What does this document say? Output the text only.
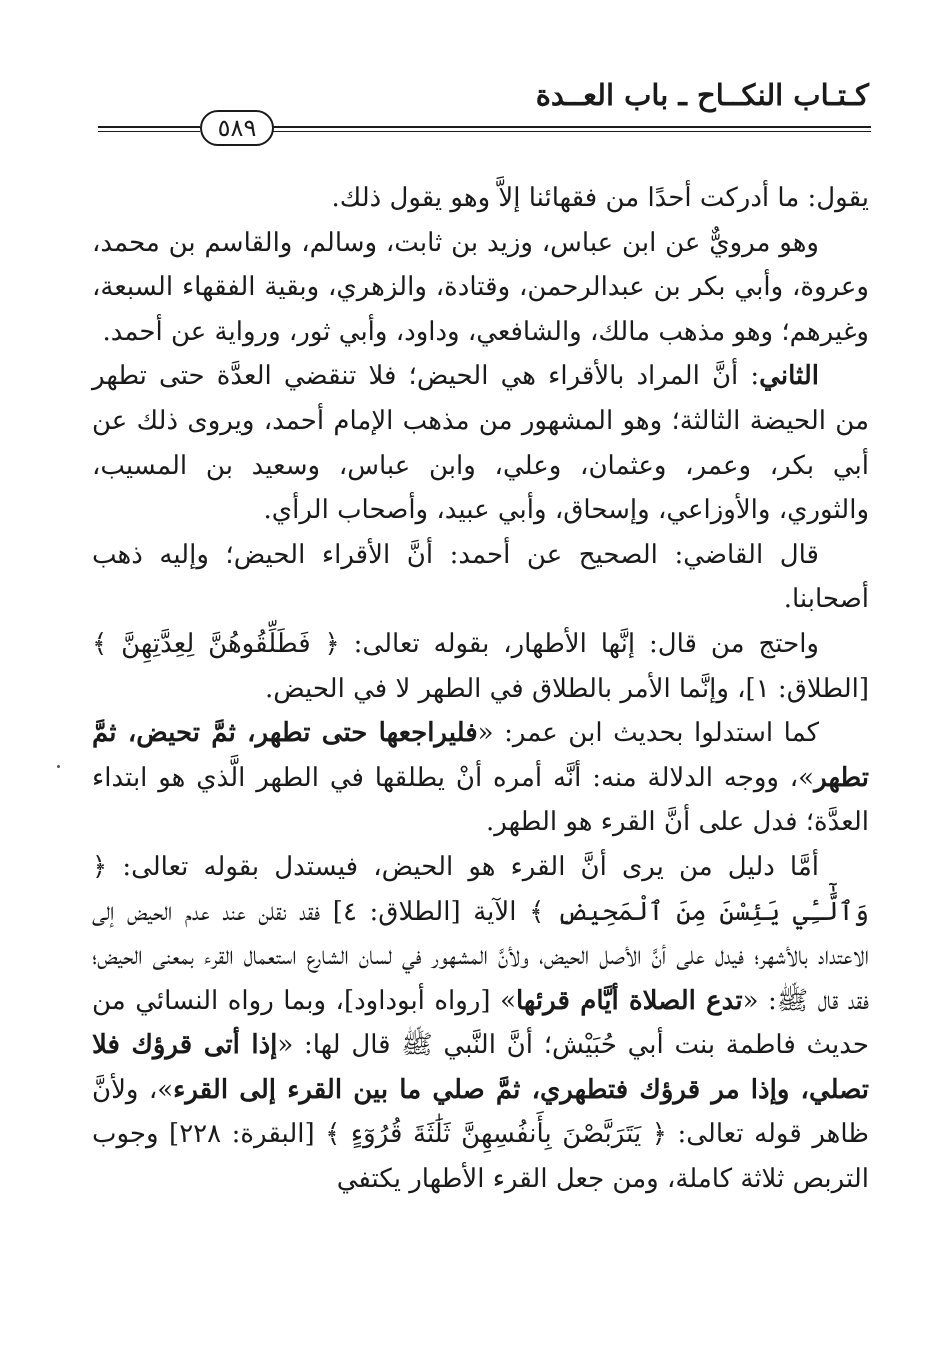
كـتـاب النكــاح ـ باب العــدة
٥٨٩

يقول: ما أدركت أحدًا من فقهائنا إلاَّ وهو يقول ذلك.

وهو مرويٌّ عن ابن عباس، وزيد بن ثابت، وسالم، والقاسم بن محمد، وعروة، وأبي بكر بن عبدالرحمن، وقتادة، والزهري، وبقية الفقهاء السبعة، وغيرهم؛ وهو مذهب مالك، والشافعي، وداود، وأبي ثور، ورواية عن أحمد.

الثاني: أنَّ المراد بالأقراء هي الحيض؛ فلا تنقضي العدَّة حتى تطهر من الحيضة الثالثة؛ وهو المشهور من مذهب الإمام أحمد، ويروى ذلك عن أبي بكر، وعمر، وعثمان، وعلي، وابن عباس، وسعيد بن المسيب، والثوري، والأوزاعي، وإسحاق، وأبي عبيد، وأصحاب الرأي.

قال القاضي: الصحيح عن أحمد: أنَّ الأقراء الحيض؛ وإليه ذهب أصحابنا.

واحتج من قال: إنَّها الأطهار، بقوله تعالى: ﴿ فَطَلِّقُوهُنَّ لِعِدَّتِهِنَّ ﴾ [الطلاق: ١]، وإنَّما الأمر بالطلاق في الطهر لا في الحيض.

كما استدلوا بحديث ابن عمر: «فليراجعها حتى تطهر، ثمَّ تحيض، ثمَّ تطهر»، ووجه الدلالة منه: أنَّه أمره أنْ يطلقها في الطهر الَّذي هو ابتداء العدَّة؛ فدل على أنَّ القرء هو الطهر.

أمَّا دليل من يرى أنَّ القرء هو الحيض، فيستدل بقوله تعالى: ﴿ وَٱلَّٰٓـِٔي يَئِسْنَ مِنَ ٱلْمَحِيضِ ﴾ الآية [الطلاق: ٤] فقد نقلن عند عدم الحيض إلى الاعتداد بالأشهر؛ فيدل على أنَّ الأصل الحيض، ولأنَّ المشهور في لسان الشارع استعمال القرء بمعنى الحيض؛ فقد قال ﷺ: «تدع الصلاة أيَّام قرئها» [رواه أبوداود]، وبما رواه النسائي من حديث فاطمة بنت أبي حُبَيْش؛ أنَّ النَّبي ﷺ قال لها: «إذا أتى قرؤك فلا تصلي، وإذا مر قرؤك فتطهري، ثمَّ صلي ما بين القرء إلى القرء»، ولأنَّ ظاهر قوله تعالى: ﴿ يَتَرَبَّصْنَ بِأَنفُسِهِنَّ ثَلَٰثَةَ قُرُوٓءٍ ﴾ [البقرة: ٢٢٨] وجوب التربص ثلاثة كاملة، ومن جعل القرء الأطهار يكتفي
